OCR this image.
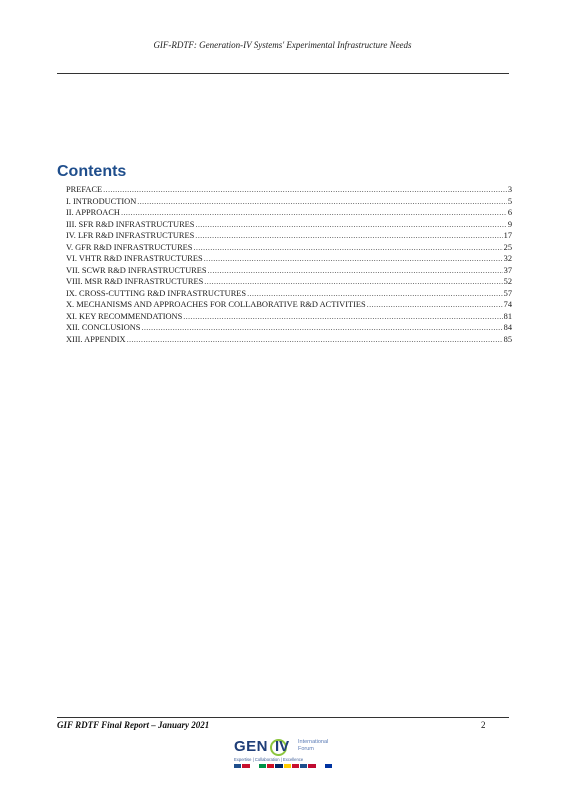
GIF-RDTF: Generation-IV Systems' Experimental Infrastructure Needs
Contents
PREFACE .....	3
I. INTRODUCTION .....	5
II. APPROACH .....	6
III. SFR R&D INFRASTRUCTURES .....	9
IV. LFR R&D INFRASTRUCTURES .....	17
V. GFR R&D INFRASTRUCTURES .....	25
VI. VHTR R&D INFRASTRUCTURES .....	32
VII. SCWR R&D INFRASTRUCTURES .....	37
VIII. MSR R&D INFRASTRUCTURES .....	52
IX. CROSS-CUTTING R&D INFRASTRUCTURES .....	57
X. MECHANISMS AND APPROACHES FOR COLLABORATIVE R&D ACTIVITIES .....	74
XI. KEY RECOMMENDATIONS .....	81
XII. CONCLUSIONS .....	84
XIII. APPENDIX .....	85
GIF RDTF Final Report – January 2021	2
GEN IV International
Forum
Expertise | Collaboration | Excellence
